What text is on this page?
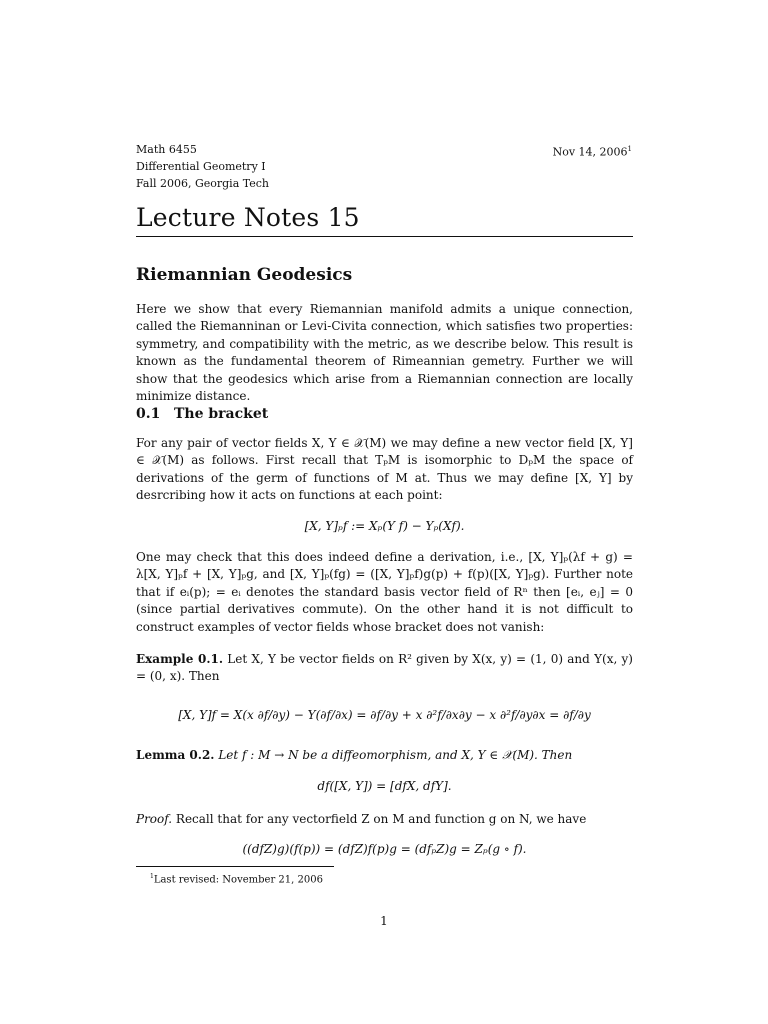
Math 6455
Differential Geometry I
Fall 2006, Georgia Tech
Nov 14, 2006$^1$
Lecture Notes 15
Riemannian Geodesics

Here we show that every Riemannian manifold admits a unique connection, called the Riemanninan or Levi-Civita connection, which satisfies two properties: symmetry, and compatibility with the metric, as we describe below. This result is known as the fundamental theorem of Rimeannian gemetry. Further we will show that the geodesics which arise from a Riemannian connection are locally minimize distance.

0.1 The bracket

For any pair of vector fields X, Y ∈ 𝒳(M) we may define a new vector field [X, Y] ∈ 𝒳(M) as follows. First recall that TₚM is isomorphic to DₚM the space of derivations of the germ of functions of M at. Thus we may define [X, Y] by desrcribing how it acts on functions at each point:

[X, Y]ₚf := Xₚ(Y f) − Yₚ(Xf).

One may check that this does indeed define a derivation, i.e., [X, Y]ₚ(λf + g) = λ[X, Y]ₚf + [X, Y]ₚg, and [X, Y]ₚ(fg) = ([X, Y]ₚf)g(p) + f(p)([X, Y]ₚg). Further note that if eᵢ(p); = eᵢ denotes the standard basis vector field of Rⁿ then [eᵢ, eⱼ] = 0 (since partial derivatives commute). On the other hand it is not difficult to construct examples of vector fields whose bracket does not vanish:

Example 0.1. Let X, Y be vector fields on R² given by X(x, y) = (1, 0) and Y(x, y) = (0, x). Then

[X, Y]f = X(x ∂f/∂y) − Y(∂f/∂x) = ∂f/∂y + x ∂²f/∂x∂y − x ∂²f/∂y∂x = ∂f/∂y

Lemma 0.2. Let f : M → N be a diffeomorphism, and X, Y ∈ 𝒳(M). Then

df([X, Y]) = [dfX, dfY].

Proof. Recall that for any vectorfield Z on M and function g on N, we have

((dfZ)g)(f(p)) = (dfZ)f(p)g = (dfₚZ)g = Zₚ(g ∘ f).
$^1$Last revised: November 21, 2006
1
